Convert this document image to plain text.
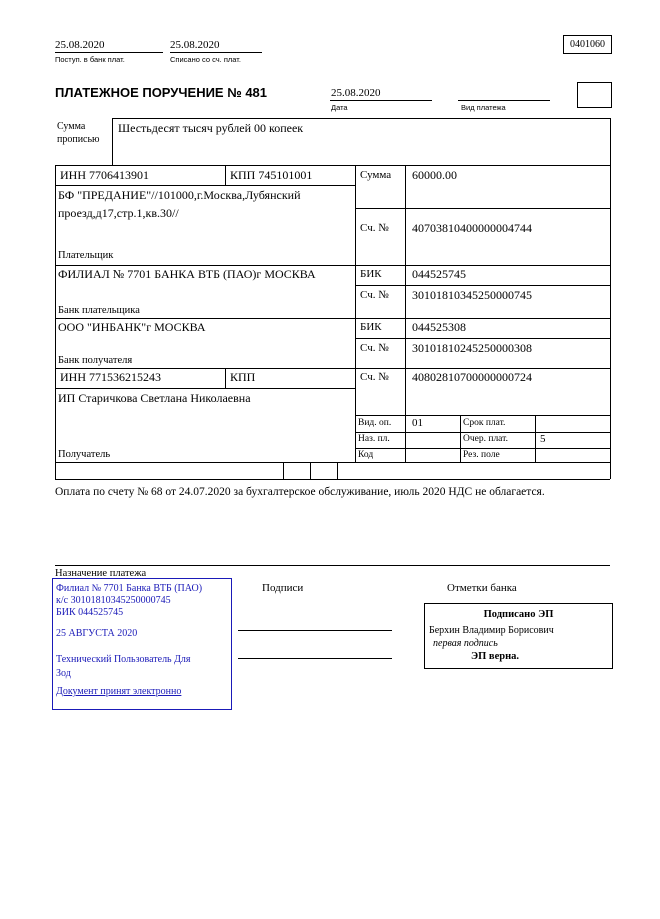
25.08.2020
Поступ. в банк плат.
25.08.2020
Списано со сч. плат.
0401060
ПЛАТЕЖНОЕ ПОРУЧЕНИЕ № 481	25.08.2020
Дата	Вид платежа
Сумма
прописью
Шестьдесят тысяч рублей 00 копеек
ИНН 7706413901	КПП 745101001	Сумма 60000.00
БФ "ПРЕДАНИЕ"//101000,г.Москва,Лубянский
проезд,д17,стр.1,кв.30//
Сч. № 40703810400000004744
Плательщик
ФИЛИАЛ № 7701 БАНКА ВТБ (ПАО)г МОСКВА	БИК	044525745
Сч. № 30101810345250000745
Банк плательщика
ООО "ИНБАНК"г МОСКВА	БИК	044525308
Сч. № 30101810245250000308
Банк получателя
ИНН 771536215243	КПП	Сч. № 40802810700000000724
ИП Старичкова Светлана Николаевна
Вид. оп. 01	Срок плат.
Наз. пл.	Очер. плат.	5
Код	Рез. поле
Получатель
Оплата по счету № 68 от 24.07.2020 за бухгалтерское обслуживание, июль 2020 НДС не облагается.
Назначение платежа
Филиал № 7701 Банка ВТБ (ПАО)
к/с 30101810345250000745
БИК 044525745
25 АВГУСТА 2020
Технический Пользователь Для
Зод
Документ принят электронно
Подписи	Отметки банка
Подписано ЭП
Берхин Владимир Борисович
первая подпись
ЭП верна.
